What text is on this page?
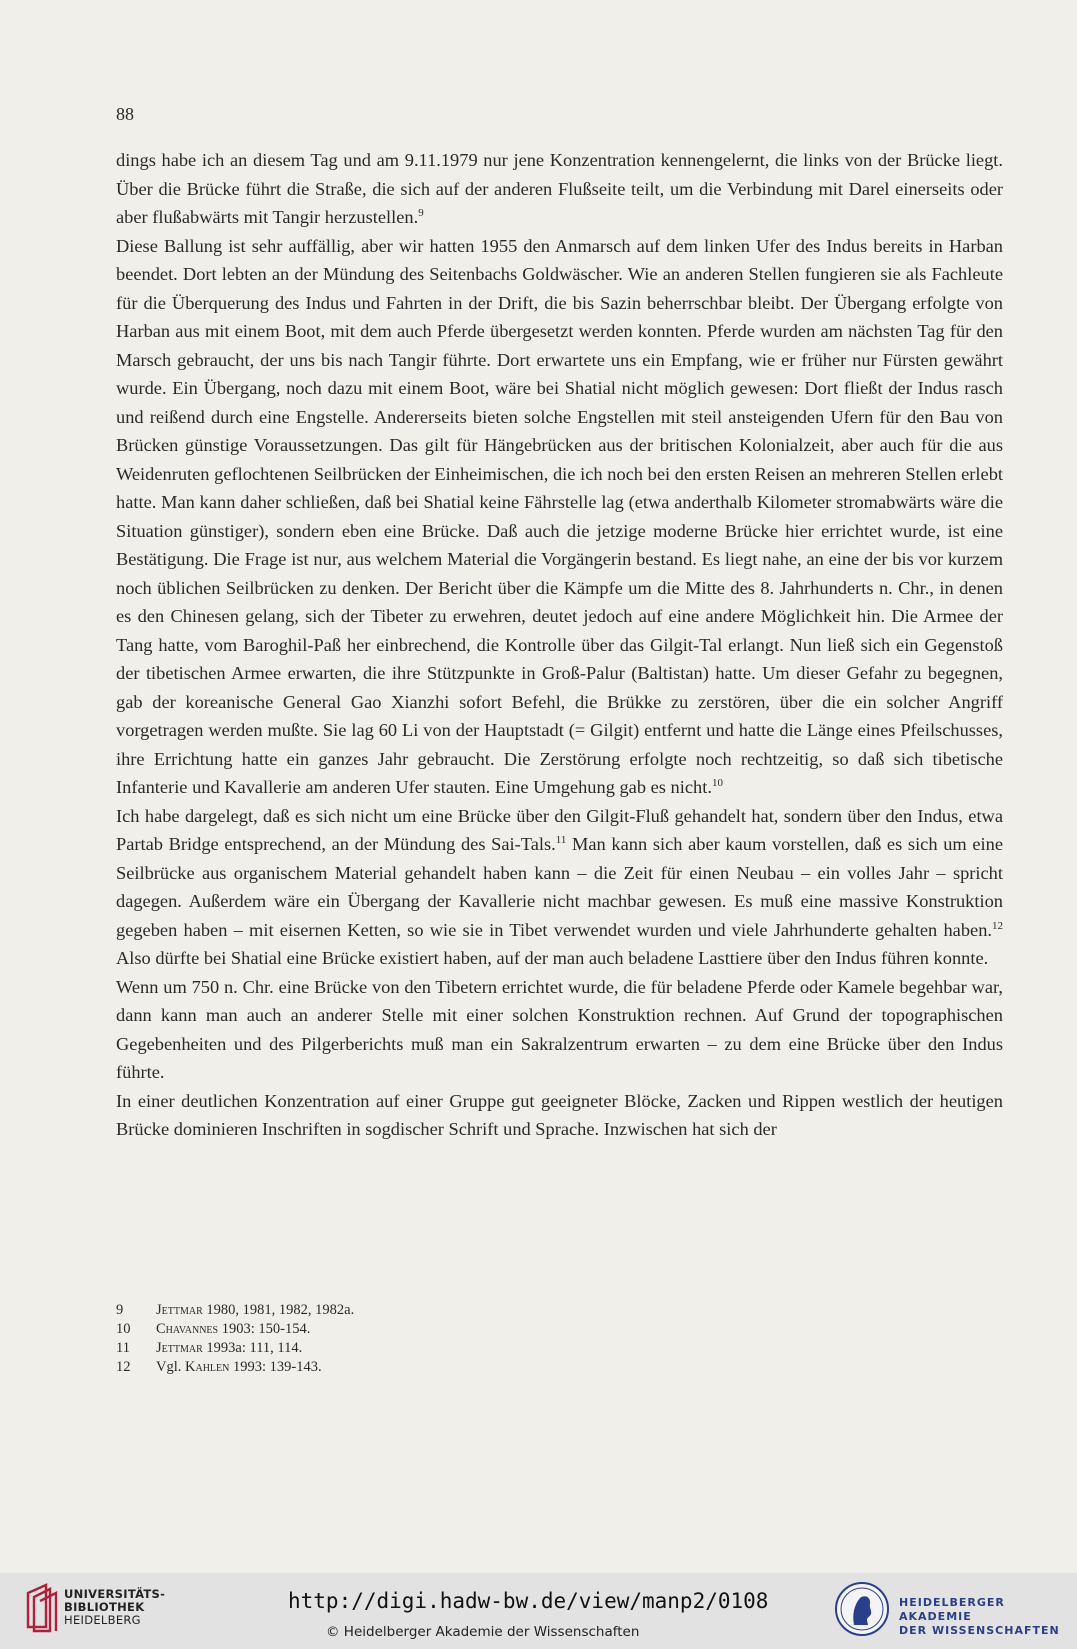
88

dings habe ich an diesem Tag und am 9.11.1979 nur jene Konzentration kennengelernt, die links von der Brücke liegt. Über die Brücke führt die Straße, die sich auf der anderen Flußseite teilt, um die Verbindung mit Darel einerseits oder aber flußabwärts mit Tangir herzustellen.$^9$

Diese Ballung ist sehr auffällig, aber wir hatten 1955 den Anmarsch auf dem linken Ufer des Indus bereits in Harban beendet. Dort lebten an der Mündung des Seitenbachs Goldwäscher. Wie an anderen Stellen fungieren sie als Fachleute für die Überquerung des Indus und Fahrten in der Drift, die bis Sazin beherrschbar bleibt. Der Übergang erfolgte von Harban aus mit einem Boot, mit dem auch Pferde übergesetzt werden konnten. Pferde wurden am nächsten Tag für den Marsch gebraucht, der uns bis nach Tangir führte. Dort erwartete uns ein Empfang, wie er früher nur Fürsten gewährt wurde. Ein Übergang, noch dazu mit einem Boot, wäre bei Shatial nicht möglich gewesen: Dort fließt der Indus rasch und reißend durch eine Engstelle. Andererseits bieten solche Engstellen mit steil ansteigenden Ufern für den Bau von Brücken günstige Voraussetzungen. Das gilt für Hängebrücken aus der britischen Kolonialzeit, aber auch für die aus Weidenruten geflochtenen Seilbrücken der Einheimischen, die ich noch bei den ersten Reisen an mehreren Stellen erlebt hatte. Man kann daher schließen, daß bei Shatial keine Fährstelle lag (etwa anderthalb Kilometer stromabwärts wäre die Situation günstiger), sondern eben eine Brücke. Daß auch die jetzige moderne Brücke hier errichtet wurde, ist eine Bestätigung. Die Frage ist nur, aus welchem Material die Vorgängerin bestand. Es liegt nahe, an eine der bis vor kurzem noch üblichen Seilbrücken zu denken. Der Bericht über die Kämpfe um die Mitte des 8. Jahrhunderts n. Chr., in denen es den Chinesen gelang, sich der Tibeter zu erwehren, deutet jedoch auf eine andere Möglichkeit hin. Die Armee der Tang hatte, vom Baroghil-Paß her einbrechend, die Kontrolle über das Gilgit-Tal erlangt. Nun ließ sich ein Gegenstoß der tibetischen Armee erwarten, die ihre Stützpunkte in Groß-Palur (Baltistan) hatte. Um dieser Gefahr zu begegnen, gab der koreanische General Gao Xianzhi sofort Befehl, die Brükke zu zerstören, über die ein solcher Angriff vorgetragen werden mußte. Sie lag 60 Li von der Hauptstadt (= Gilgit) entfernt und hatte die Länge eines Pfeilschusses, ihre Errichtung hatte ein ganzes Jahr gebraucht. Die Zerstörung erfolgte noch rechtzeitig, so daß sich tibetische Infanterie und Kavallerie am anderen Ufer stauten. Eine Umgehung gab es nicht.$^{10}$

Ich habe dargelegt, daß es sich nicht um eine Brücke über den Gilgit-Fluß gehandelt hat, sondern über den Indus, etwa Partab Bridge entsprechend, an der Mündung des Sai-Tals.$^{11}$ Man kann sich aber kaum vorstellen, daß es sich um eine Seilbrücke aus organischem Material gehandelt haben kann – die Zeit für einen Neubau – ein volles Jahr – spricht dagegen. Außerdem wäre ein Übergang der Kavallerie nicht machbar gewesen. Es muß eine massive Konstruktion gegeben haben – mit eisernen Ketten, so wie sie in Tibet verwendet wurden und viele Jahrhunderte gehalten haben.$^{12}$ Also dürfte bei Shatial eine Brücke existiert haben, auf der man auch beladene Lasttiere über den Indus führen konnte.

Wenn um 750 n. Chr. eine Brücke von den Tibetern errichtet wurde, die für beladene Pferde oder Kamele begehbar war, dann kann man auch an anderer Stelle mit einer solchen Konstruktion rechnen. Auf Grund der topographischen Gegebenheiten und des Pilgerberichts muß man ein Sakralzentrum erwarten – zu dem eine Brücke über den Indus führte.

In einer deutlichen Konzentration auf einer Gruppe gut geeigneter Blöcke, Zacken und Rippen westlich der heutigen Brücke dominieren Inschriften in sogdischer Schrift und Sprache. Inzwischen hat sich der

9	Jettmar 1980, 1981, 1982, 1982a.
10	Chavannes 1903: 150-154.
11	Jettmar 1993a: 111, 114.
12	Vgl. Kahlen 1993: 139-143.
UNIVERSITÄTS-
BIBLIOTHEK
HEIDELBERG
http://digi.hadw-bw.de/view/manp2/0108
© Heidelberger Akademie der Wissenschaften
HEIDELBERGER AKADEMIE
DER WISSENSCHAFTEN
